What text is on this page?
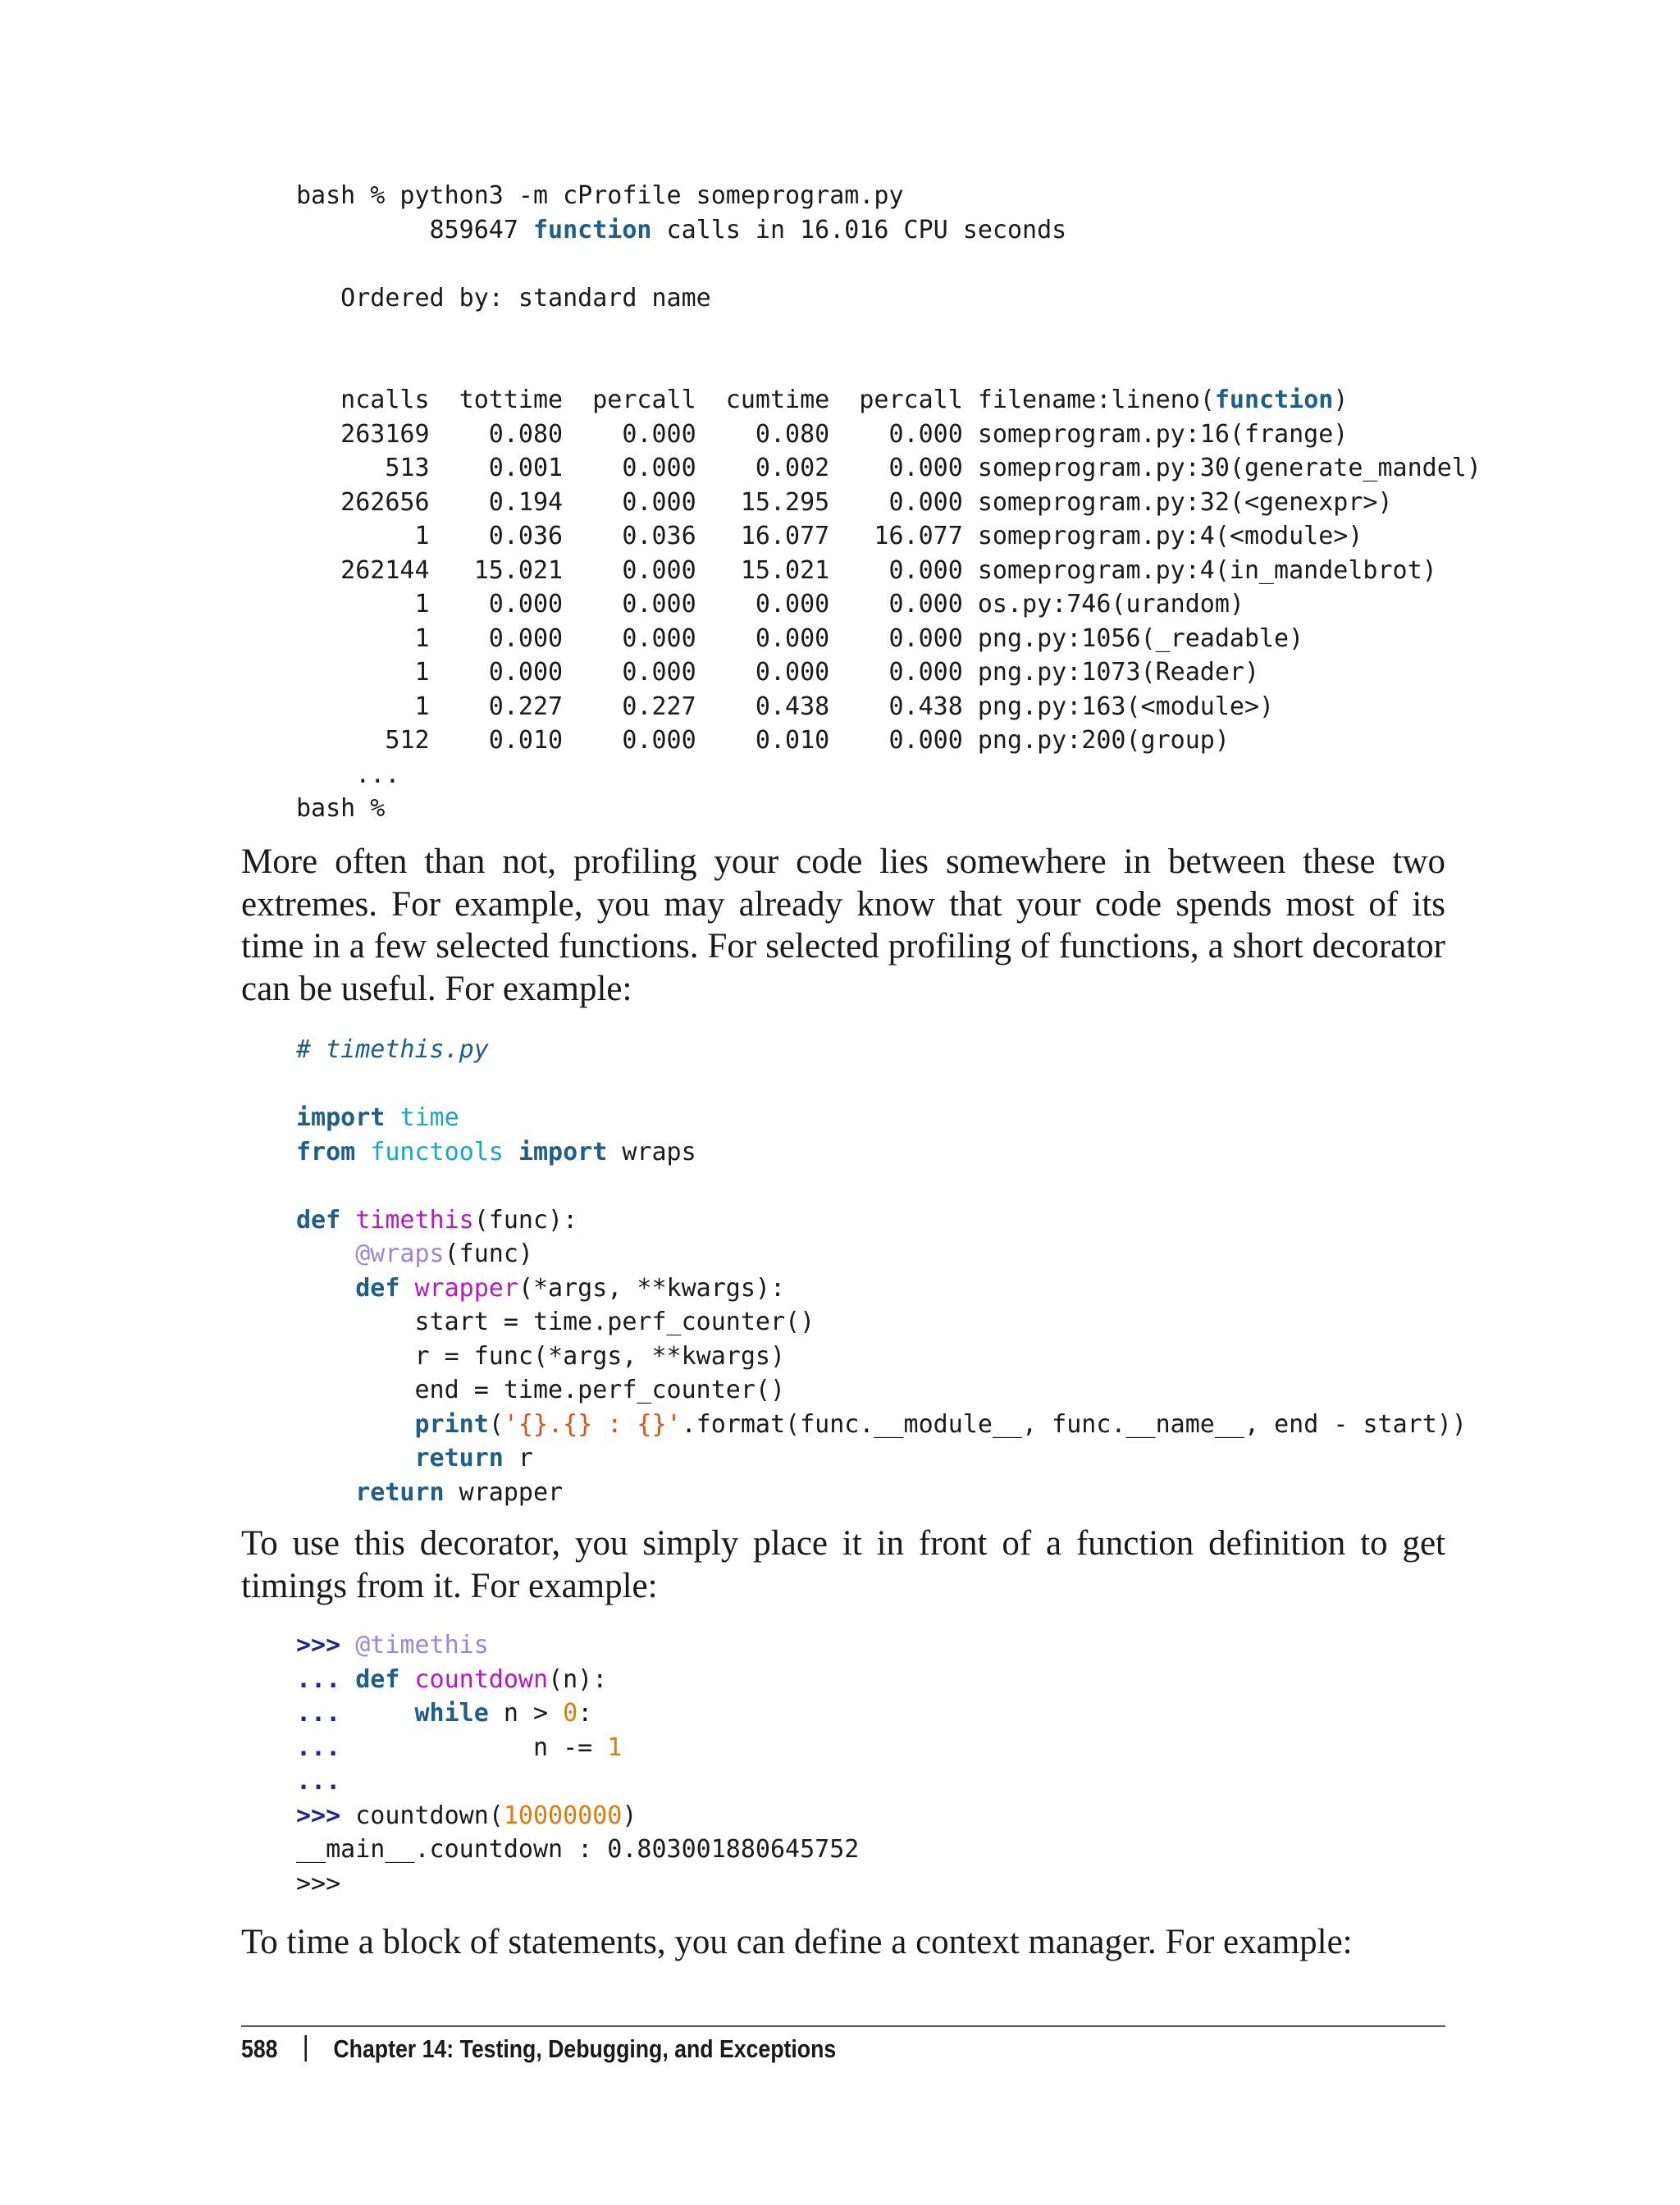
bash % python3 -m cProfile someprogram.py
859647 function calls in 16.016 CPU seconds

Ordered by: standard name

ncalls  tottime  percall  cumtime  percall filename:lineno(function)
263169    0.080    0.000    0.080    0.000 someprogram.py:16(frange)
513    0.001    0.000    0.002    0.000 someprogram.py:30(generate_mandel)
262656    0.194    0.000   15.295    0.000 someprogram.py:32(<genexpr>)
1    0.036    0.036   16.077   16.077 someprogram.py:4(<module>)
262144   15.021    0.000   15.021    0.000 someprogram.py:4(in_mandelbrot)
1    0.000    0.000    0.000    0.000 os.py:746(urandom)
1    0.000    0.000    0.000    0.000 png.py:1056(_readable)
1    0.000    0.000    0.000    0.000 png.py:1073(Reader)
1    0.227    0.227    0.438    0.438 png.py:163(<module>)
512    0.010    0.000    0.010    0.000 png.py:200(group)
...
bash %

More often than not, profiling your code lies somewhere in between these two extremes. For example, you may already know that your code spends most of its time in a few selected functions. For selected profiling of functions, a short decorator can be useful. For example:

# timethis.py

import time
from functools import wraps

def timethis(func):
@wraps(func)
def wrapper(*args, **kwargs):
start = time.perf_counter()
r = func(*args, **kwargs)
end = time.perf_counter()
print('{}.{} : {}'.format(func.__module__, func.__name__, end - start))
return r
return wrapper

To use this decorator, you simply place it in front of a function definition to get timings from it. For example:

>>> @timethis
... def countdown(n):
...	while n > 0:
...             n -= 1
...
>>> countdown(10000000)
__main__.countdown : 0.803001880645752
>>>

To time a block of statements, you can define a context manager. For example:

588 Chapter 14: Testing, Debugging, and Exceptions
